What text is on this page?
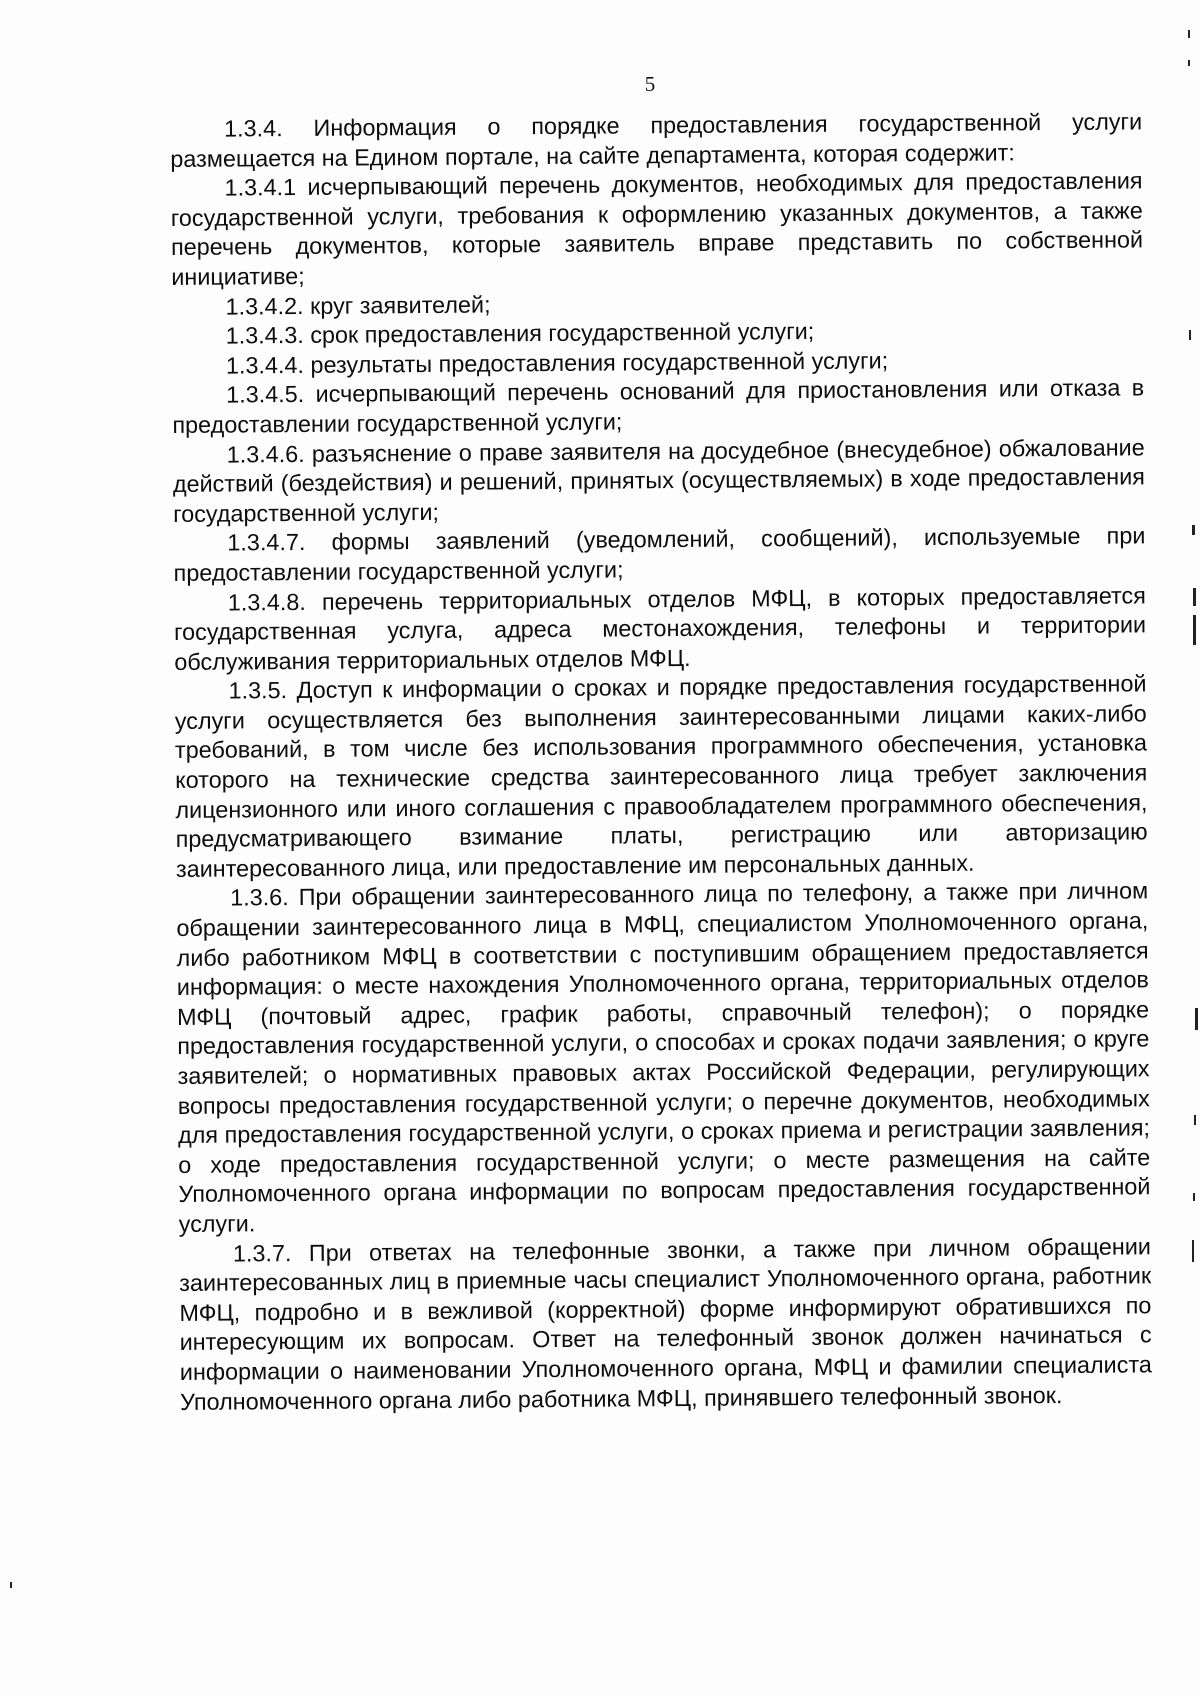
5

1.3.4. Информация о порядке предоставления государственной услуги размещается на Едином портале, на сайте департамента, которая содержит:

1.3.4.1 исчерпывающий перечень документов, необходимых для предоставления государственной услуги, требования к оформлению указанных документов, а также перечень документов, которые заявитель вправе представить по собственной инициативе;

1.3.4.2. круг заявителей;

1.3.4.3. срок предоставления государственной услуги;

1.3.4.4. результаты предоставления государственной услуги;

1.3.4.5. исчерпывающий перечень оснований для приостановления или отказа в предоставлении государственной услуги;

1.3.4.6. разъяснение о праве заявителя на досудебное (внесудебное) обжалование действий (бездействия) и решений, принятых (осуществляемых) в ходе предоставления государственной услуги;

1.3.4.7. формы заявлений (уведомлений, сообщений), используемые при предоставлении государственной услуги;

1.3.4.8. перечень территориальных отделов МФЦ, в которых предоставляется государственная услуга, адреса местонахождения, телефоны и территории обслуживания территориальных отделов МФЦ.

1.3.5. Доступ к информации о сроках и порядке предоставления государственной услуги осуществляется без выполнения заинтересованными лицами каких-либо требований, в том числе без использования программного обеспечения, установка которого на технические средства заинтересованного лица требует заключения лицензионного или иного соглашения с правообладателем программного обеспечения, предусматривающего взимание платы, регистрацию или авторизацию заинтересованного лица, или предоставление им персональных данных.

1.3.6. При обращении заинтересованного лица по телефону, а также при личном обращении заинтересованного лица в МФЦ, специалистом Уполномоченного органа, либо работником МФЦ в соответствии с поступившим обращением предоставляется информация: о месте нахождения Уполномоченного органа, территориальных отделов МФЦ (почтовый адрес, график работы, справочный телефон); о порядке предоставления государственной услуги, о способах и сроках подачи заявления; о круге заявителей; о нормативных правовых актах Российской Федерации, регулирующих вопросы предоставления государственной услуги; о перечне документов, необходимых для предоставления государственной услуги, о сроках приема и регистрации заявления; о ходе предоставления государственной услуги; о месте размещения на сайте Уполномоченного органа информации по вопросам предоставления государственной услуги.

1.3.7. При ответах на телефонные звонки, а также при личном обращении заинтересованных лиц в приемные часы специалист Уполномоченного органа, работник МФЦ, подробно и в вежливой (корректной) форме информируют обратившихся по интересующим их вопросам. Ответ на телефонный звонок должен начинаться с информации о наименовании Уполномоченного органа, МФЦ и фамилии специалиста Уполномоченного органа либо работника МФЦ, принявшего телефонный звонок.
